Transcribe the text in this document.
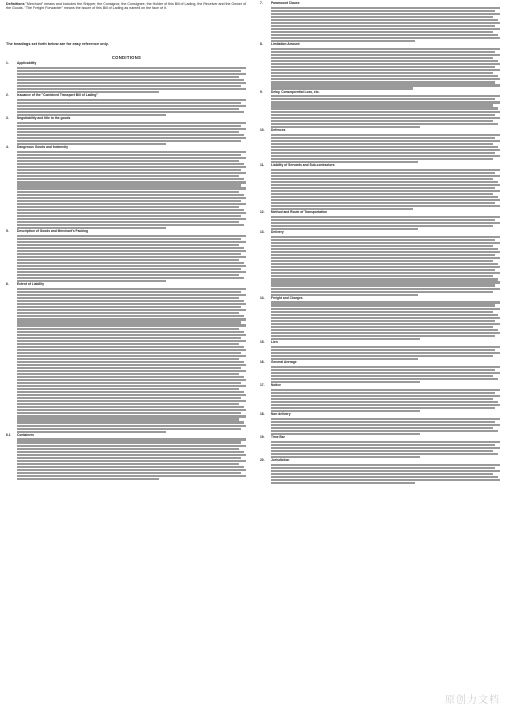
Definitions "Merchant" means and includes the Shipper, the Consignor, the Consignee, the Holder of this Bill of Lading, the Receiver and the Owner of the Goods. "The Freight Forwarder" means the issuer of this Bill of Lading as named on the face of it.
The headings set forth below are for easy reference only.
CONDITIONS
1.	Applicability
2.	Issuance of the "Combined Transport Bill of Lading"
3.	Negotiability and title to the goods
4.	Dangerous Goods and Indemnity
5.	Description of Goods and Merchant's Packing
6.	Extent of Liability
6.1	Containers
7.	Paramount Clause
8.	Limitation Amount
9.	Delay, Consequential Loss, etc.
10.	Defences
11.	Liability of Servants and Sub-contractors
12.	Method and Route of Transportation
13.	Delivery
14.	Freight and Charges
15.	Lien
16.	General Average
17.	Notice
18.	Non delivery
19.	Time Bar
20.	Jurisdiction
原创力文档
